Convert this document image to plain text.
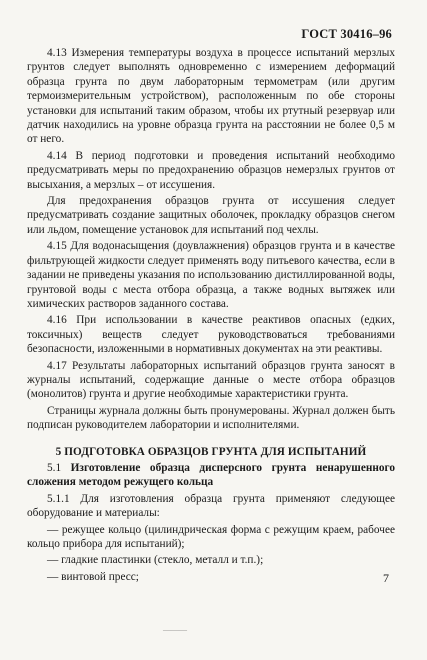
ГОСТ 30416–96

4.13 Измерения температуры воздуха в процессе испытаний мерзлых грунтов следует выполнять одновременно с измерением деформаций образца грунта по двум лабораторным термометрам (или другим термоизмерительным устройством), расположенным по обе стороны установки для испытаний таким образом, чтобы их ртутный резервуар или датчик находились на уровне образца грунта на расстоянии не более 0,5 м от него.

4.14 В период подготовки и проведения испытаний необходимо предусматривать меры по предохранению образцов немерзлых грунтов от высыхания, а мерзлых – от иссушения.

Для предохранения образцов грунта от иссушения следует предусматривать создание защитных оболочек, прокладку образцов снегом или льдом, помещение установок для испытаний под чехлы.

4.15 Для водонасыщения (доувлажнения) образцов грунта и в качестве фильтрующей жидкости следует применять воду питьевого качества, если в задании не приведены указания по использованию дистиллированной воды, грунтовой воды с места отбора образца, а также водных вытяжек или химических растворов заданного состава.

4.16 При использовании в качестве реактивов опасных (едких, токсичных) веществ следует руководствоваться требованиями безопасности, изложенными в нормативных документах на эти реактивы.

4.17 Результаты лабораторных испытаний образцов грунта заносят в журналы испытаний, содержащие данные о месте отбора образцов (монолитов) грунта и другие необходимые характеристики грунта.

Страницы журнала должны быть пронумерованы. Журнал должен быть подписан руководителем лаборатории и исполнителями.

5 ПОДГОТОВКА ОБРАЗЦОВ ГРУНТА ДЛЯ ИСПЫТАНИЙ

5.1 Изготовление образца дисперсного грунта ненарушенного сложения методом режущего кольца

5.1.1 Для изготовления образца грунта применяют следующее оборудование и материалы:

— режущее кольцо (цилиндрическая форма с режущим краем, рабочее кольцо прибора для испытаний);

— гладкие пластинки (стекло, металл и т.п.);

— винтовой пресс;	7
———
